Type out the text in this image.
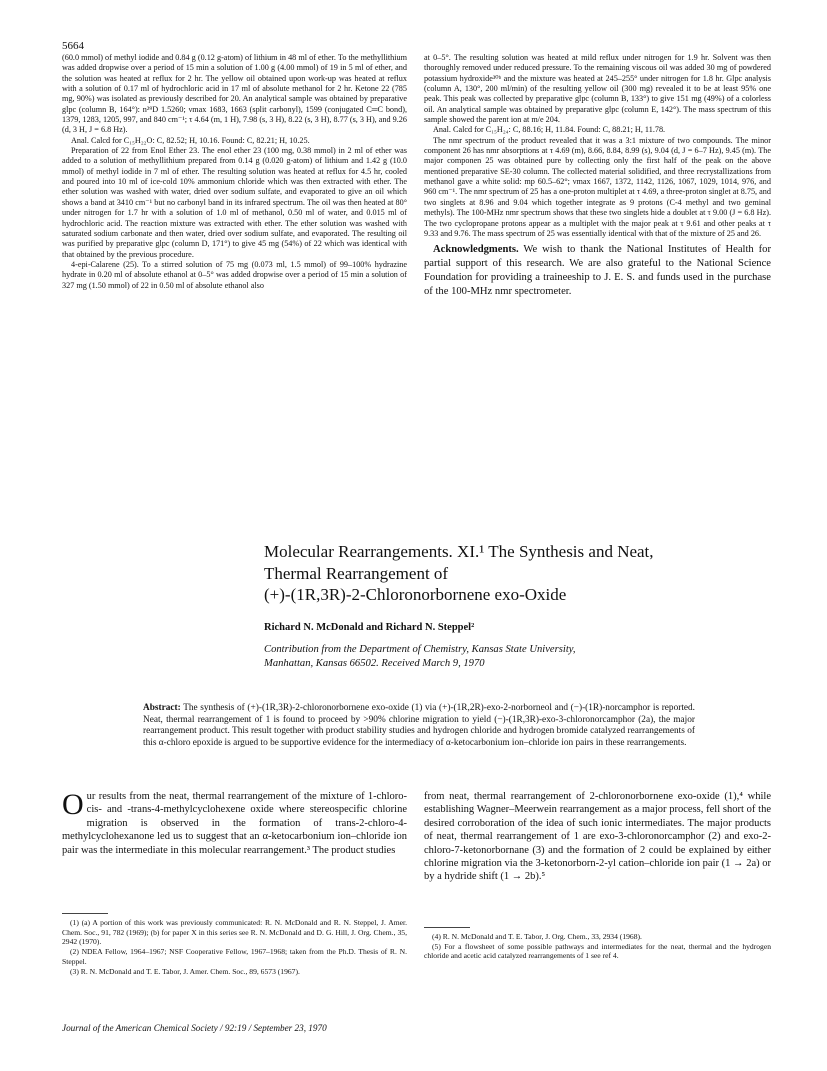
5664

(60.0 mmol) of methyl iodide and 0.84 g (0.12 g-atom) of lithium in 48 ml of ether. To the methyllithium was added dropwise over a period of 15 min a solution of 1.00 g (4.00 mmol) of 19 in 5 ml of ether, and the solution was heated at reflux for 2 hr. The yellow oil obtained upon work-up was heated at reflux with a solution of 0.17 ml of hydrochloric acid in 17 ml of absolute methanol for 2 hr. Ketone 22 (785 mg, 90%) was isolated as previously described for 20. An analytical sample was obtained by preparative glpc (column B, 164°): n²⁹D 1.5260; νmax 1683, 1663 (split carbonyl), 1599 (conjugated C═C bond), 1379, 1283, 1205, 997, and 840 cm⁻¹; τ 4.64 (m, 1 H), 7.98 (s, 3 H), 8.22 (s, 3 H), 8.77 (s, 3 H), and 9.26 (d, 3 H, J = 6.8 Hz).

Anal. Calcd for C₁₅H₂₂O: C, 82.52; H, 10.16. Found: C, 82.21; H, 10.25.

Preparation of 22 from Enol Ether 23. The enol ether 23 (100 mg, 0.38 mmol) in 2 ml of ether was added to a solution of methyllithium prepared from 0.14 g (0.020 g-atom) of lithium and 1.42 g (10.0 mmol) of methyl iodide in 7 ml of ether. The resulting solution was heated at reflux for 4.5 hr, cooled and poured into 10 ml of ice-cold 10% ammonium chloride which was then extracted with ether. The ether solution was washed with water, dried over sodium sulfate, and evaporated to give an oil which shows a band at 3410 cm⁻¹ but no carbonyl band in its infrared spectrum. The oil was then heated at 80° under nitrogen for 1.7 hr with a solution of 1.0 ml of methanol, 0.50 ml of water, and 0.015 ml of hydrochloric acid. The reaction mixture was extracted with ether. The ether solution was washed with saturated sodium carbonate and then water, dried over sodium sulfate, and evaporated. The resulting oil was purified by preparative glpc (column D, 171°) to give 45 mg (54%) of 22 which was identical with that obtained by the previous procedure.

4-epi-Calarene (25). To a stirred solution of 75 mg (0.073 ml, 1.5 mmol) of 99–100% hydrazine hydrate in 0.20 ml of absolute ethanol at 0–5° was added dropwise over a period of 15 min a solution of 327 mg (1.50 mmol) of 22 in 0.50 ml of absolute ethanol also

at 0–5°. The resulting solution was heated at mild reflux under nitrogen for 1.9 hr. Solvent was then thoroughly removed under reduced pressure. To the remaining viscous oil was added 30 mg of powdered potassium hydroxide³⁰ᵇ and the mixture was heated at 245–255° under nitrogen for 1.8 hr. Glpc analysis (column A, 130°, 200 ml/min) of the resulting yellow oil (300 mg) revealed it to be at least 95% one peak. This peak was collected by preparative glpc (column B, 133°) to give 151 mg (49%) of a colorless oil. An analytical sample was obtained by preparative glpc (column E, 142°). The mass spectrum of this sample showed the parent ion at m/e 204.

Anal. Calcd for C₁₅H₂₄: C, 88.16; H, 11.84. Found: C, 88.21; H, 11.78.

The nmr spectrum of the product revealed that it was a 3:1 mixture of two compounds. The minor component 26 has nmr absorptions at τ 4.69 (m), 8.66, 8.84, 8.99 (s), 9.04 (d, J = 6–7 Hz), 9.45 (m). The major componen 25 was obtained pure by collecting only the first half of the peak on the above mentioned preparative SE-30 column. The collected material solidified, and three recrystallizations from methanol gave a white solid: mp 60.5–62°; νmax 1667, 1372, 1142, 1126, 1067, 1029, 1014, 976, and 960 cm⁻¹. The nmr spectrum of 25 has a one-proton multiplet at τ 4.69, a three-proton singlet at 8.75, and two singlets at 8.96 and 9.04 which together integrate as 9 protons (C-4 methyl and two geminal methyls). The 100-MHz nmr spectrum shows that these two singlets hide a doublet at τ 9.00 (J = 6.8 Hz). The two cyclopropane protons appear as a multiplet with the major peak at τ 9.61 and other peaks at τ 9.33 and 9.76. The mass spectrum of 25 was essentially identical with that of the mixture of 25 and 26.

Acknowledgments. We wish to thank the National Institutes of Health for partial support of this research. We are also grateful to the National Science Foundation for providing a traineeship to J. E. S. and funds used in the purchase of the 100-MHz nmr spectrometer.

Molecular Rearrangements. XI.¹ The Synthesis and Neat,
Thermal Rearrangement of
(+)-(1R,3R)-2-Chloronorbornene exo-Oxide
Richard N. McDonald and Richard N. Steppel²
Contribution from the Department of Chemistry, Kansas State University,
Manhattan, Kansas 66502. Received March 9, 1970
Abstract: The synthesis of (+)-(1R,3R)-2-chloronorbornene exo-oxide (1) via (+)-(1R,2R)-exo-2-norborneol and (−)-(1R)-norcamphor is reported. Neat, thermal rearrangement of 1 is found to proceed by >90% chlorine migration to yield (−)-(1R,3R)-exo-3-chloronorcamphor (2a), the major rearrangement product. This result together with product stability studies and hydrogen chloride and hydrogen bromide catalyzed rearrangements of this α-chloro epoxide is argued to be supportive evidence for the intermediacy of α-ketocarbonium ion–chloride ion pairs in these rearrangements.

Our results from the neat, thermal rearrangement of the mixture of 1-chloro-cis- and -trans-4-methylcyclohexene oxide where stereospecific chlorine migration is observed in the formation of trans-2-chloro-4-methylcyclohexanone led us to suggest that an α-ketocarbonium ion–chloride ion pair was the intermediate in this molecular rearrangement.³ The product studies

from neat, thermal rearrangement of 2-chloronorbornene exo-oxide (1),⁴ while establishing Wagner–Meerwein rearrangement as a major process, fell short of the desired corroboration of the idea of such ionic intermediates. The major products of neat, thermal rearrangement of 1 are exo-3-chloronorcamphor (2) and exo-2-chloro-7-ketonorbornane (3) and the formation of 2 could be explained by either chlorine migration via the 3-ketonorborn-2-yl cation–chloride ion pair (1 → 2a) or by a hydride shift (1 → 2b).⁵

(1) (a) A portion of this work was previously communicated: R. N. McDonald and R. N. Steppel, J. Amer. Chem. Soc., 91, 782 (1969); (b) for paper X in this series see R. N. McDonald and D. G. Hill, J. Org. Chem., 35, 2942 (1970).

(2) NDEA Fellow, 1964–1967; NSF Cooperative Fellow, 1967–1968; taken from the Ph.D. Thesis of R. N. Steppel.

(3) R. N. McDonald and T. E. Tabor, J. Amer. Chem. Soc., 89, 6573 (1967).

(4) R. N. McDonald and T. E. Tabor, J. Org. Chem., 33, 2934 (1968).

(5) For a flowsheet of some possible pathways and intermediates for the neat, thermal and the hydrogen chloride and acetic acid catalyzed rearrangements of 1 see ref 4.

Journal of the American Chemical Society / 92:19 / September 23, 1970
